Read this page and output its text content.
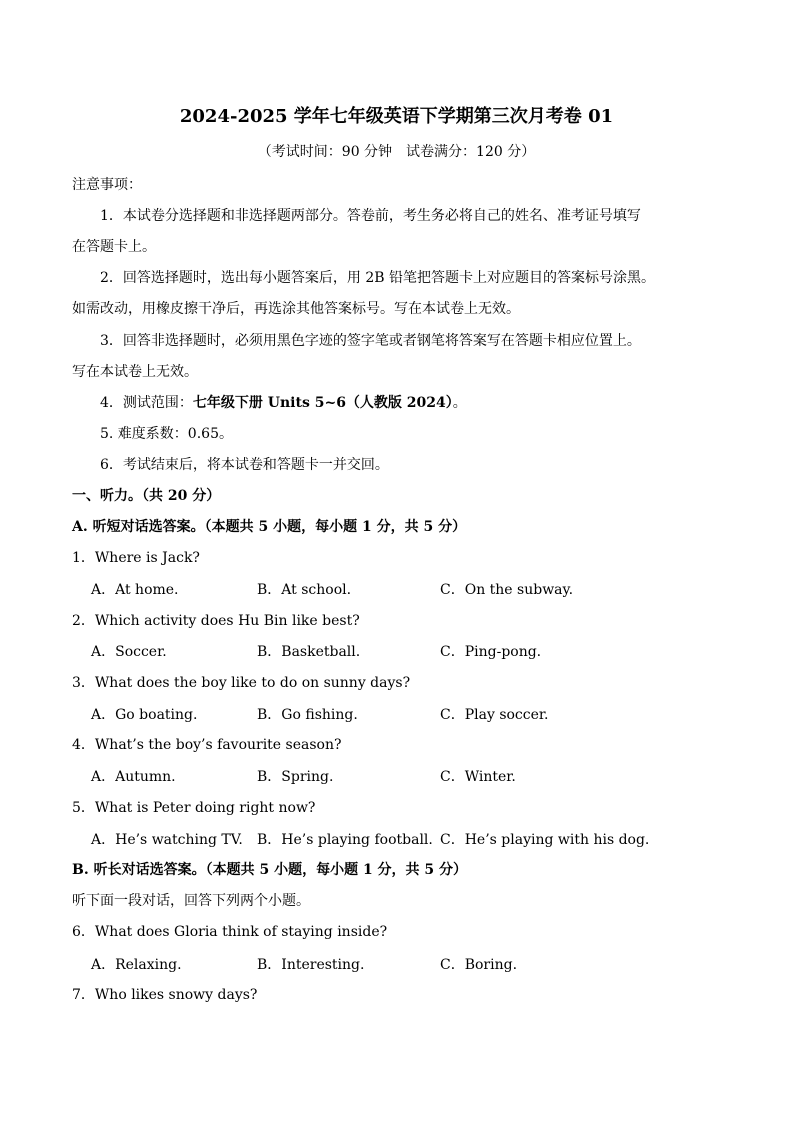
2024-2025 学年七年级英语下学期第三次月考卷 01
（考试时间：90 分钟　试卷满分：120 分）
注意事项：
1．本试卷分选择题和非选择题两部分。答卷前，考生务必将自己的姓名、准考证号填写
在答题卡上。
2．回答选择题时，选出每小题答案后，用 2B 铅笔把答题卡上对应题目的答案标号涂黑。
如需改动，用橡皮擦干净后，再选涂其他答案标号。写在本试卷上无效。
3．回答非选择题时，必须用黑色字迹的签字笔或者钢笔将答案写在答题卡相应位置上。
写在本试卷上无效。
4．测试范围：七年级下册 Units 5~6（人教版 2024）。
5. 难度系数：0.65。
6．考试结束后，将本试卷和答题卡一并交回。
一、听力。（共 20 分）
A. 听短对话选答案。（本题共 5 小题，每小题 1 分，共 5 分）
1．Where is Jack?
A．At home.	B．At school.	C．On the subway.
2．Which activity does Hu Bin like best?
A．Soccer.	B．Basketball.	C．Ping-pong.
3．What does the boy like to do on sunny days?
A．Go boating.	B．Go fishing.	C．Play soccer.
4．What’s the boy’s favourite season?
A．Autumn.	B．Spring.	C．Winter.
5．What is Peter doing right now?
A．He’s watching TV. B．He’s playing football. C．He’s playing with his dog.
B. 听长对话选答案。（本题共 5 小题，每小题 1 分，共 5 分）
听下面一段对话，回答下列两个小题。
6．What does Gloria think of staying inside?
A．Relaxing.	B．Interesting.	C．Boring.
7．Who likes snowy days?
